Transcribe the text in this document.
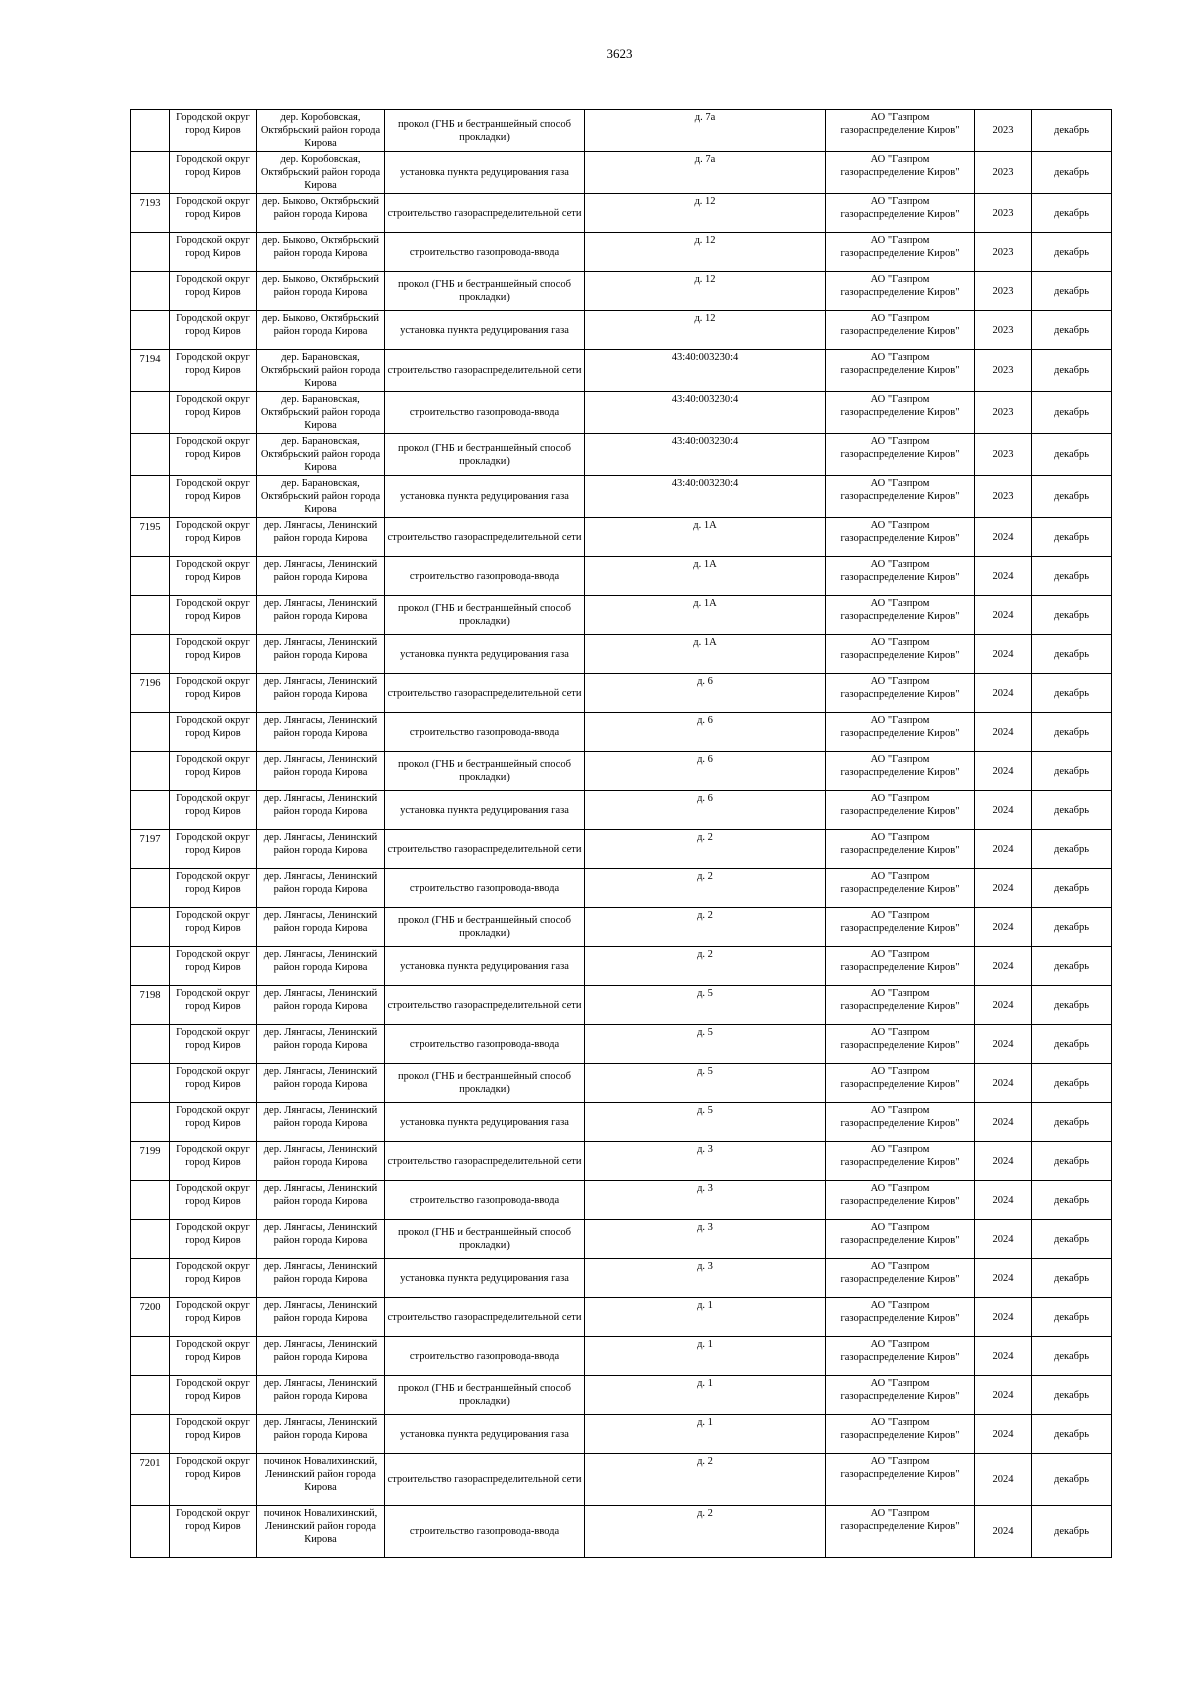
3623
	Городской округ город Киров	дер. Коробовская, Октябрьский район города Кирова	прокол (ГНБ и бестраншейный способ прокладки)	д. 7а	АО "Газпром газораспределение Киров"	2023	декабрь
	Городской округ город Киров	дер. Коробовская, Октябрьский район города Кирова	установка пункта редуцирования газа	д. 7а	АО "Газпром газораспределение Киров"	2023	декабрь
7193	Городской округ город Киров	дер. Быково, Октябрьский район города Кирова	строительство газораспределительной сети	д. 12	АО "Газпром газораспределение Киров"	2023	декабрь
	Городской округ город Киров	дер. Быково, Октябрьский район города Кирова	строительство газопровода-ввода	д. 12	АО "Газпром газораспределение Киров"	2023	декабрь
	Городской округ город Киров	дер. Быково, Октябрьский район города Кирова	прокол (ГНБ и бестраншейный способ прокладки)	д. 12	АО "Газпром газораспределение Киров"	2023	декабрь
	Городской округ город Киров	дер. Быково, Октябрьский район города Кирова	установка пункта редуцирования газа	д. 12	АО "Газпром газораспределение Киров"	2023	декабрь
7194	Городской округ город Киров	дер. Барановская, Октябрьский район города Кирова	строительство газораспределительной сети	43:40:003230:4	АО "Газпром газораспределение Киров"	2023	декабрь
	Городской округ город Киров	дер. Барановская, Октябрьский район города Кирова	строительство газопровода-ввода	43:40:003230:4	АО "Газпром газораспределение Киров"	2023	декабрь
	Городской округ город Киров	дер. Барановская, Октябрьский район города Кирова	прокол (ГНБ и бестраншейный способ прокладки)	43:40:003230:4	АО "Газпром газораспределение Киров"	2023	декабрь
	Городской округ город Киров	дер. Барановская, Октябрьский район города Кирова	установка пункта редуцирования газа	43:40:003230:4	АО "Газпром газораспределение Киров"	2023	декабрь
7195	Городской округ город Киров	дер. Лянгасы, Ленинский район города Кирова	строительство газораспределительной сети	д. 1А	АО "Газпром газораспределение Киров"	2024	декабрь
	Городской округ город Киров	дер. Лянгасы, Ленинский район города Кирова	строительство газопровода-ввода	д. 1А	АО "Газпром газораспределение Киров"	2024	декабрь
	Городской округ город Киров	дер. Лянгасы, Ленинский район города Кирова	прокол (ГНБ и бестраншейный способ прокладки)	д. 1А	АО "Газпром газораспределение Киров"	2024	декабрь
	Городской округ город Киров	дер. Лянгасы, Ленинский район города Кирова	установка пункта редуцирования газа	д. 1А	АО "Газпром газораспределение Киров"	2024	декабрь
7196	Городской округ город Киров	дер. Лянгасы, Ленинский район города Кирова	строительство газораспределительной сети	д. 6	АО "Газпром газораспределение Киров"	2024	декабрь
	Городской округ город Киров	дер. Лянгасы, Ленинский район города Кирова	строительство газопровода-ввода	д. 6	АО "Газпром газораспределение Киров"	2024	декабрь
	Городской округ город Киров	дер. Лянгасы, Ленинский район города Кирова	прокол (ГНБ и бестраншейный способ прокладки)	д. 6	АО "Газпром газораспределение Киров"	2024	декабрь
	Городской округ город Киров	дер. Лянгасы, Ленинский район города Кирова	установка пункта редуцирования газа	д. 6	АО "Газпром газораспределение Киров"	2024	декабрь
7197	Городской округ город Киров	дер. Лянгасы, Ленинский район города Кирова	строительство газораспределительной сети	д. 2	АО "Газпром газораспределение Киров"	2024	декабрь
	Городской округ город Киров	дер. Лянгасы, Ленинский район города Кирова	строительство газопровода-ввода	д. 2	АО "Газпром газораспределение Киров"	2024	декабрь
	Городской округ город Киров	дер. Лянгасы, Ленинский район города Кирова	прокол (ГНБ и бестраншейный способ прокладки)	д. 2	АО "Газпром газораспределение Киров"	2024	декабрь
	Городской округ город Киров	дер. Лянгасы, Ленинский район города Кирова	установка пункта редуцирования газа	д. 2	АО "Газпром газораспределение Киров"	2024	декабрь
7198	Городской округ город Киров	дер. Лянгасы, Ленинский район города Кирова	строительство газораспределительной сети	д. 5	АО "Газпром газораспределение Киров"	2024	декабрь
	Городской округ город Киров	дер. Лянгасы, Ленинский район города Кирова	строительство газопровода-ввода	д. 5	АО "Газпром газораспределение Киров"	2024	декабрь
	Городской округ город Киров	дер. Лянгасы, Ленинский район города Кирова	прокол (ГНБ и бестраншейный способ прокладки)	д. 5	АО "Газпром газораспределение Киров"	2024	декабрь
	Городской округ город Киров	дер. Лянгасы, Ленинский район города Кирова	установка пункта редуцирования газа	д. 5	АО "Газпром газораспределение Киров"	2024	декабрь
7199	Городской округ город Киров	дер. Лянгасы, Ленинский район города Кирова	строительство газораспределительной сети	д. 3	АО "Газпром газораспределение Киров"	2024	декабрь
	Городской округ город Киров	дер. Лянгасы, Ленинский район города Кирова	строительство газопровода-ввода	д. 3	АО "Газпром газораспределение Киров"	2024	декабрь
	Городской округ город Киров	дер. Лянгасы, Ленинский район города Кирова	прокол (ГНБ и бестраншейный способ прокладки)	д. 3	АО "Газпром газораспределение Киров"	2024	декабрь
	Городской округ город Киров	дер. Лянгасы, Ленинский район города Кирова	установка пункта редуцирования газа	д. 3	АО "Газпром газораспределение Киров"	2024	декабрь
7200	Городской округ город Киров	дер. Лянгасы, Ленинский район города Кирова	строительство газораспределительной сети	д. 1	АО "Газпром газораспределение Киров"	2024	декабрь
	Городской округ город Киров	дер. Лянгасы, Ленинский район города Кирова	строительство газопровода-ввода	д. 1	АО "Газпром газораспределение Киров"	2024	декабрь
	Городской округ город Киров	дер. Лянгасы, Ленинский район города Кирова	прокол (ГНБ и бестраншейный способ прокладки)	д. 1	АО "Газпром газораспределение Киров"	2024	декабрь
	Городской округ город Киров	дер. Лянгасы, Ленинский район города Кирова	установка пункта редуцирования газа	д. 1	АО "Газпром газораспределение Киров"	2024	декабрь
7201	Городской округ город Киров	починок Новалихинский, Ленинский район города Кирова	строительство газораспределительной сети	д. 2	АО "Газпром газораспределение Киров"	2024	декабрь
	Городской округ город Киров	починок Новалихинский, Ленинский район города Кирова	строительство газопровода-ввода	д. 2	АО "Газпром газораспределение Киров"	2024	декабрь
